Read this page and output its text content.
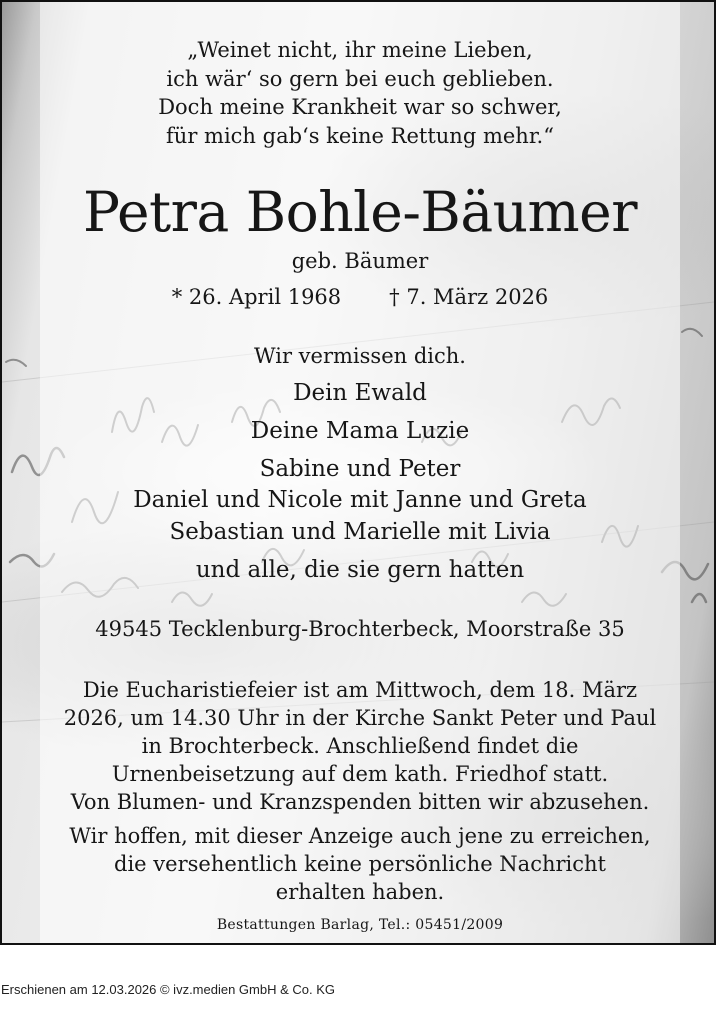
„Weinet nicht, ihr meine Lieben,
ich wär‘ so gern bei euch geblieben.
Doch meine Krankheit war so schwer,
für mich gab‘s keine Rettung mehr.“
Petra Bohle-Bäumer
geb. Bäumer
* 26. April 1968 † 7. März 2026
Wir vermissen dich.
Dein Ewald
Deine Mama Luzie
Sabine und Peter
Daniel und Nicole mit Janne und Greta
Sebastian und Marielle mit Livia
und alle, die sie gern hatten
49545 Tecklenburg-Brochterbeck, Moorstraße 35
Die Eucharistiefeier ist am Mittwoch, dem 18. März
2026, um 14.30 Uhr in der Kirche Sankt Peter und Paul
in Brochterbeck. Anschließend findet die
Urnenbeisetzung auf dem kath. Friedhof statt.
Von Blumen- und Kranzspenden bitten wir abzusehen.
Wir hoffen, mit dieser Anzeige auch jene zu erreichen,
die versehentlich keine persönliche Nachricht
erhalten haben.
Bestattungen Barlag, Tel.: 05451/2009
Erschienen am 12.03.2026 © ivz.medien GmbH & Co. KG
